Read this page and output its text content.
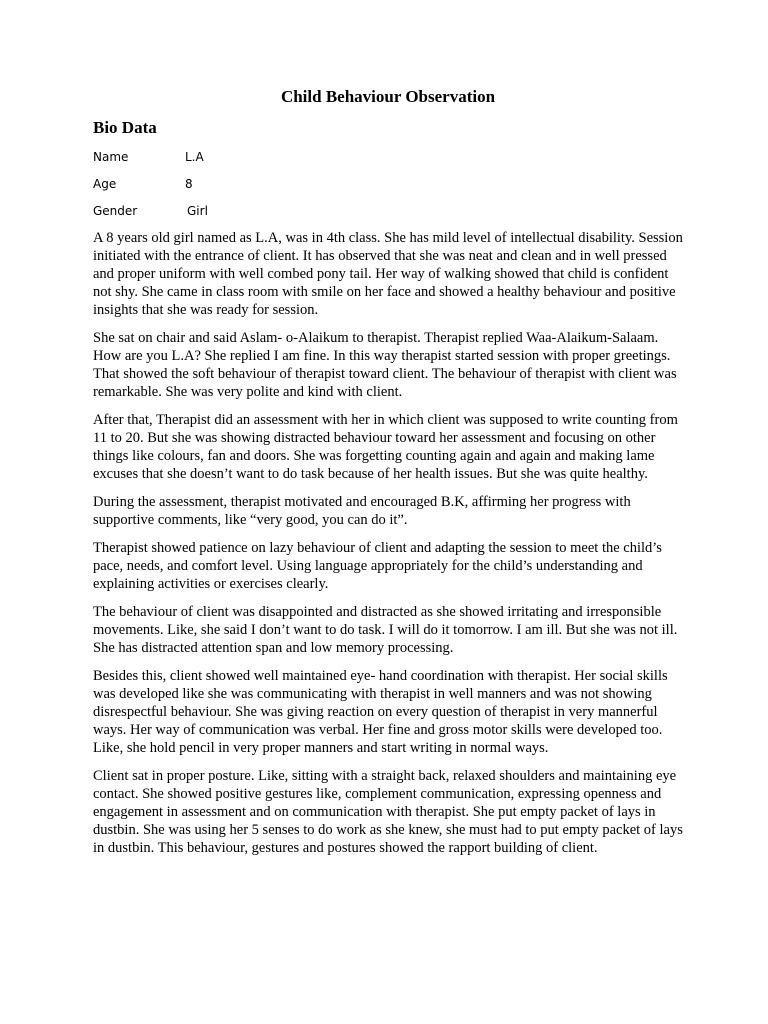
Child Behaviour Observation
Bio Data
Name	L.A
Age	8
Gender	Girl

A 8 years old girl named as L.A, was in 4th class. She has mild level of intellectual disability. Session initiated with the entrance of client. It has observed that she was neat and clean and in well pressed and proper uniform with well combed pony tail. Her way of walking showed that child is confident not shy. She came in class room with smile on her face and showed a healthy behaviour and positive insights that she was ready for session.

She sat on chair and said Aslam- o-Alaikum to therapist. Therapist replied Waa-Alaikum-Salaam. How are you L.A? She replied I am fine. In this way therapist started session with proper greetings. That showed the soft behaviour of therapist toward client. The behaviour of therapist with client was remarkable. She was very polite and kind with client.

After that, Therapist did an assessment with her in which client was supposed to write counting from 11 to 20. But she was showing distracted behaviour toward her assessment and focusing on other things like colours, fan and doors. She was forgetting counting again and again and making lame excuses that she doesn’t want to do task because of her health issues. But she was quite healthy.

During the assessment, therapist motivated and encouraged B.K, affirming her progress with supportive comments, like “very good, you can do it”.

Therapist showed patience on lazy behaviour of client and adapting the session to meet the child’s pace, needs, and comfort level. Using language appropriately for the child’s understanding and explaining activities or exercises clearly.

The behaviour of client was disappointed and distracted as she showed irritating and irresponsible movements. Like, she said I don’t want to do task. I will do it tomorrow. I am ill. But she was not ill. She has distracted attention span and low memory processing.

Besides this, client showed well maintained eye- hand coordination with therapist. Her social skills was developed like she was communicating with therapist in well manners and was not showing disrespectful behaviour. She was giving reaction on every question of therapist in very mannerful ways. Her way of communication was verbal. Her fine and gross motor skills were developed too. Like, she hold pencil in very proper manners and start writing in normal ways.

Client sat in proper posture. Like, sitting with a straight back, relaxed shoulders and maintaining eye contact. She showed positive gestures like, complement communication, expressing openness and engagement in assessment and on communication with therapist. She put empty packet of lays in dustbin. She was using her 5 senses to do work as she knew, she must had to put empty packet of lays in dustbin. This behaviour, gestures and postures showed the rapport building of client.
